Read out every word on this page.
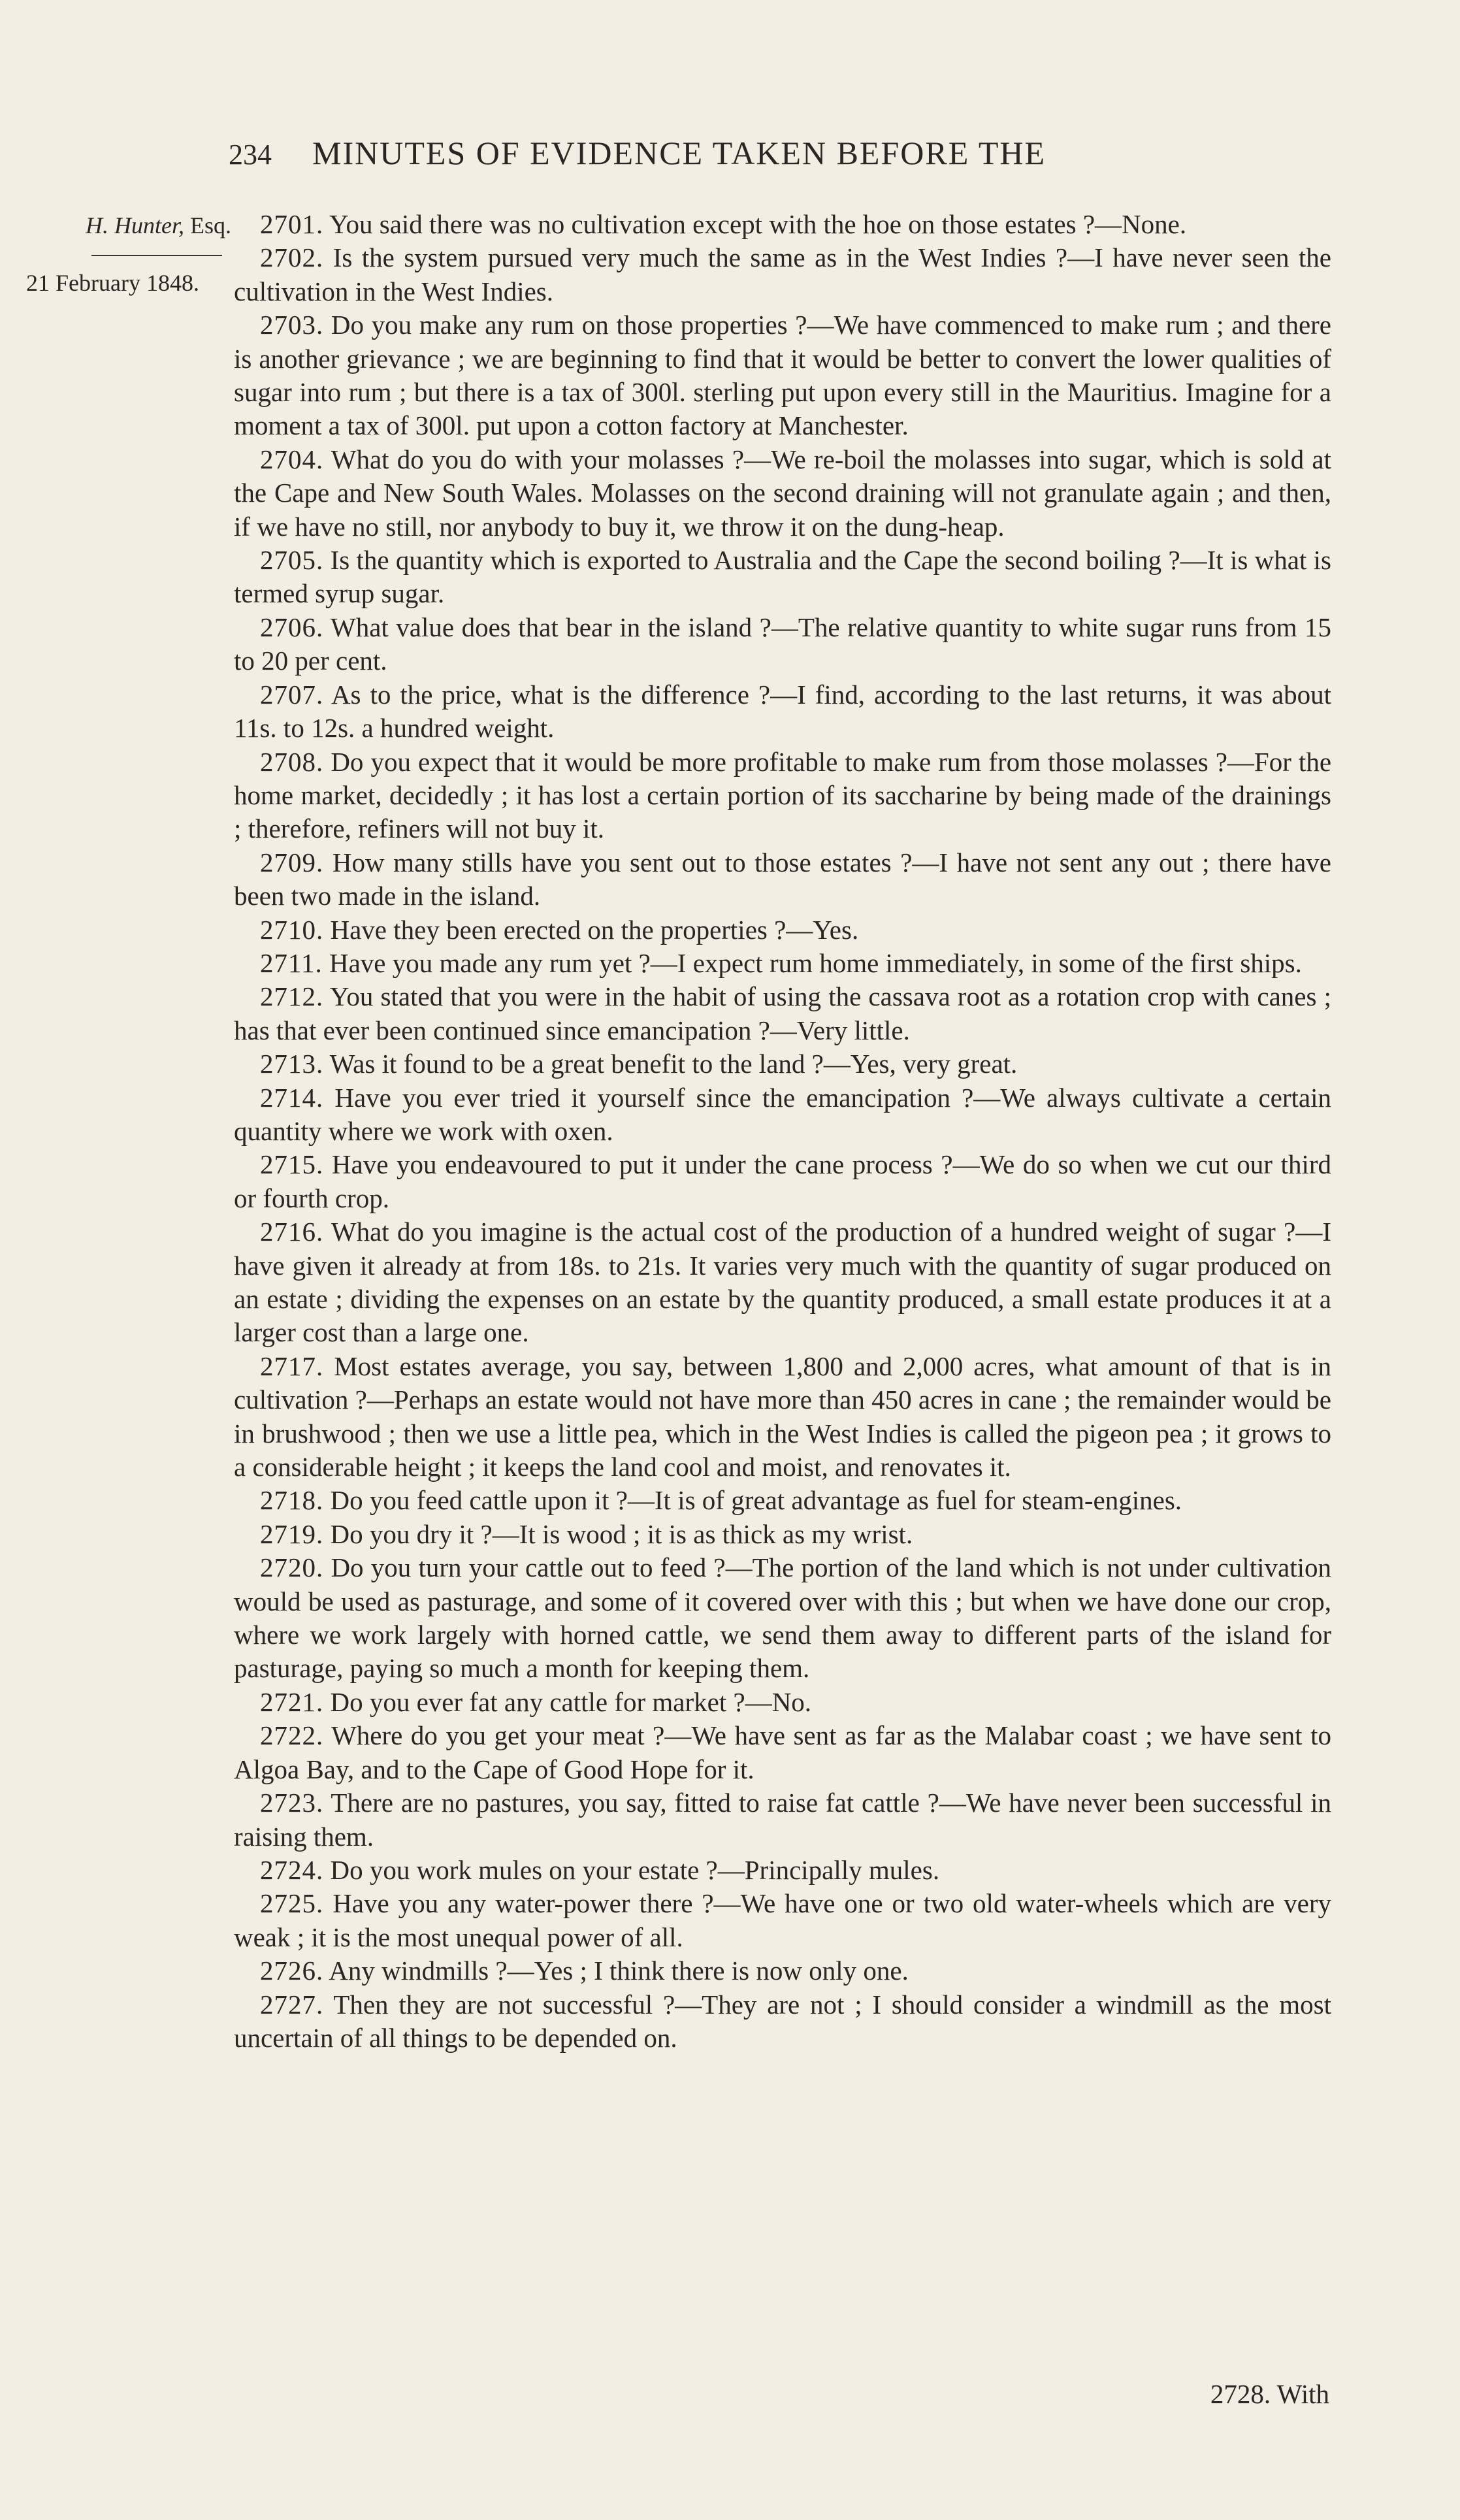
234 MINUTES OF EVIDENCE TAKEN BEFORE THE
H. Hunter, Esq.
21 February 1848.

2701. You said there was no cultivation except with the hoe on those estates ?—None.

2702. Is the system pursued very much the same as in the West Indies ?—I have never seen the cultivation in the West Indies.

2703. Do you make any rum on those properties ?—We have commenced to make rum ; and there is another grievance ; we are beginning to find that it would be better to convert the lower qualities of sugar into rum ; but there is a tax of 300l. sterling put upon every still in the Mauritius. Imagine for a moment a tax of 300l. put upon a cotton factory at Manchester.

2704. What do you do with your molasses ?—We re-boil the molasses into sugar, which is sold at the Cape and New South Wales. Molasses on the second draining will not granulate again ; and then, if we have no still, nor anybody to buy it, we throw it on the dung-heap.

2705. Is the quantity which is exported to Australia and the Cape the second boiling ?—It is what is termed syrup sugar.

2706. What value does that bear in the island ?—The relative quantity to white sugar runs from 15 to 20 per cent.

2707. As to the price, what is the difference ?—I find, according to the last returns, it was about 11s. to 12s. a hundred weight.

2708. Do you expect that it would be more profitable to make rum from those molasses ?—For the home market, decidedly ; it has lost a certain portion of its saccharine by being made of the drainings ; therefore, refiners will not buy it.

2709. How many stills have you sent out to those estates ?—I have not sent any out ; there have been two made in the island.

2710. Have they been erected on the properties ?—Yes.

2711. Have you made any rum yet ?—I expect rum home immediately, in some of the first ships.

2712. You stated that you were in the habit of using the cassava root as a rotation crop with canes ; has that ever been continued since emancipation ?—Very little.

2713. Was it found to be a great benefit to the land ?—Yes, very great.

2714. Have you ever tried it yourself since the emancipation ?—We always cultivate a certain quantity where we work with oxen.

2715. Have you endeavoured to put it under the cane process ?—We do so when we cut our third or fourth crop.

2716. What do you imagine is the actual cost of the production of a hundred weight of sugar ?—I have given it already at from 18s. to 21s. It varies very much with the quantity of sugar produced on an estate ; dividing the expenses on an estate by the quantity produced, a small estate produces it at a larger cost than a large one.

2717. Most estates average, you say, between 1,800 and 2,000 acres, what amount of that is in cultivation ?—Perhaps an estate would not have more than 450 acres in cane ; the remainder would be in brushwood ; then we use a little pea, which in the West Indies is called the pigeon pea ; it grows to a considerable height ; it keeps the land cool and moist, and renovates it.

2718. Do you feed cattle upon it ?—It is of great advantage as fuel for steam-engines.

2719. Do you dry it ?—It is wood ; it is as thick as my wrist.

2720. Do you turn your cattle out to feed ?—The portion of the land which is not under cultivation would be used as pasturage, and some of it covered over with this ; but when we have done our crop, where we work largely with horned cattle, we send them away to different parts of the island for pasturage, paying so much a month for keeping them.

2721. Do you ever fat any cattle for market ?—No.

2722. Where do you get your meat ?—We have sent as far as the Malabar coast ; we have sent to Algoa Bay, and to the Cape of Good Hope for it.

2723. There are no pastures, you say, fitted to raise fat cattle ?—We have never been successful in raising them.

2724. Do you work mules on your estate ?—Principally mules.

2725. Have you any water-power there ?—We have one or two old water-wheels which are very weak ; it is the most unequal power of all.

2726. Any windmills ?—Yes ; I think there is now only one.

2727. Then they are not successful ?—They are not ; I should consider a windmill as the most uncertain of all things to be depended on.

2728. With
